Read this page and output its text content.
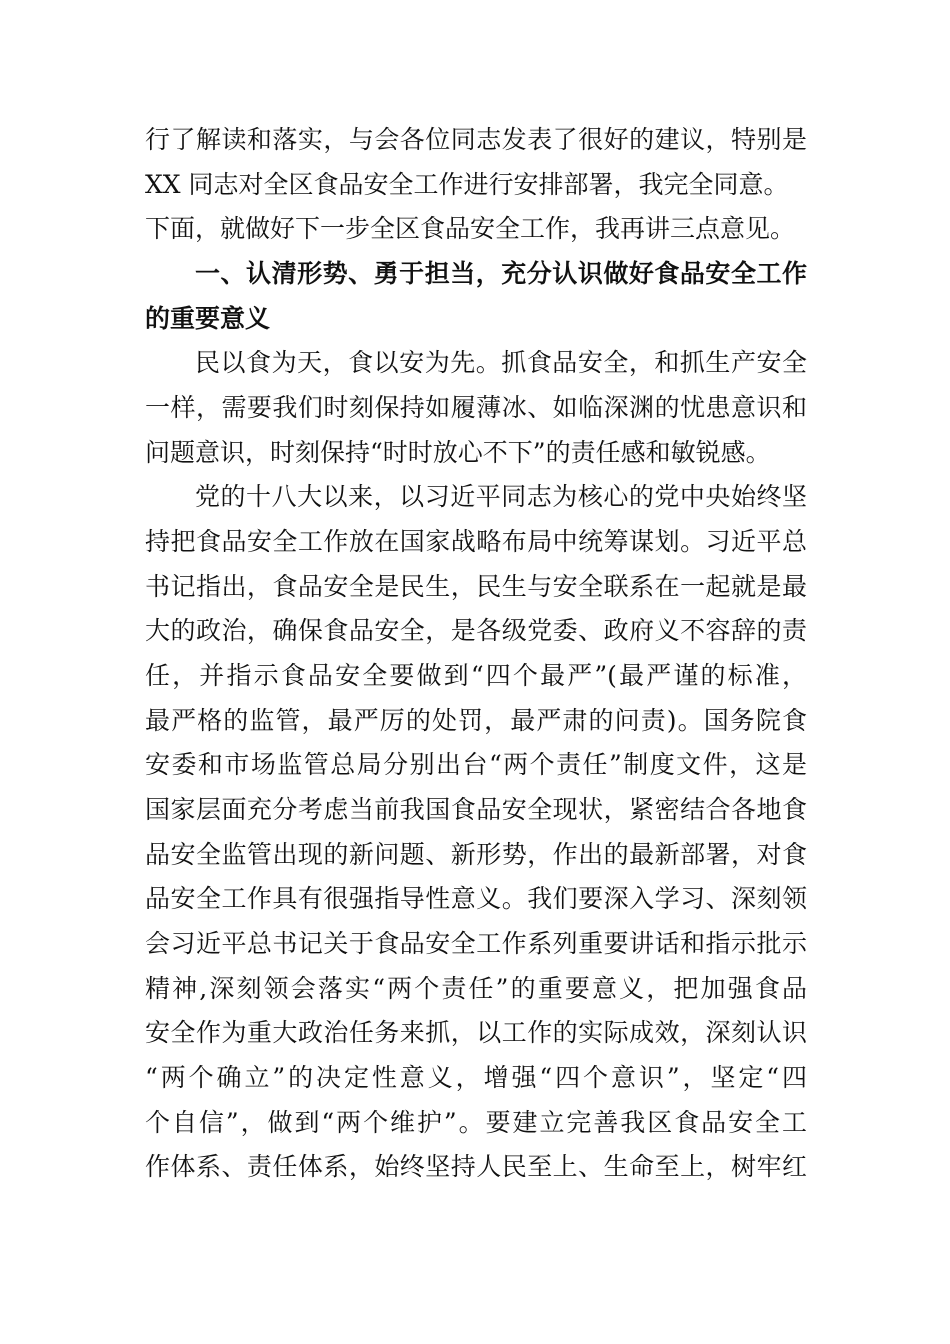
行了解读和落实，与会各位同志发表了很好的建议，特别是
XX 同志对全区食品安全工作进行安排部署，我完全同意。
下面，就做好下一步全区食品安全工作，我再讲三点意见。
一、认清形势、勇于担当，充分认识做好食品安全工作
的重要意义
民以食为天，食以安为先。抓食品安全，和抓生产安全
一样，需要我们时刻保持如履薄冰、如临深渊的忧患意识和
问题意识，时刻保持“时时放心不下”的责任感和敏锐感。
党的十八大以来，以习近平同志为核心的党中央始终坚
持把食品安全工作放在国家战略布局中统筹谋划。习近平总
书记指出，食品安全是民生，民生与安全联系在一起就是最
大的政治，确保食品安全，是各级党委、政府义不容辞的责
任，并指示食品安全要做到“四个最严”(最严谨的标准，
最严格的监管，最严厉的处罚，最严肃的问责)。国务院食
安委和市场监管总局分别出台“两个责任”制度文件，这是
国家层面充分考虑当前我国食品安全现状，紧密结合各地食
品安全监管出现的新问题、新形势，作出的最新部署，对食
品安全工作具有很强指导性意义。我们要深入学习、深刻领
会习近平总书记关于食品安全工作系列重要讲话和指示批示
精神,深刻领会落实“两个责任”的重要意义，把加强食品
安全作为重大政治任务来抓，以工作的实际成效，深刻认识
“两个确立”的决定性意义，增强“四个意识”，坚定“四
个自信”，做到“两个维护”。要建立完善我区食品安全工
作体系、责任体系，始终坚持人民至上、生命至上，树牢红
